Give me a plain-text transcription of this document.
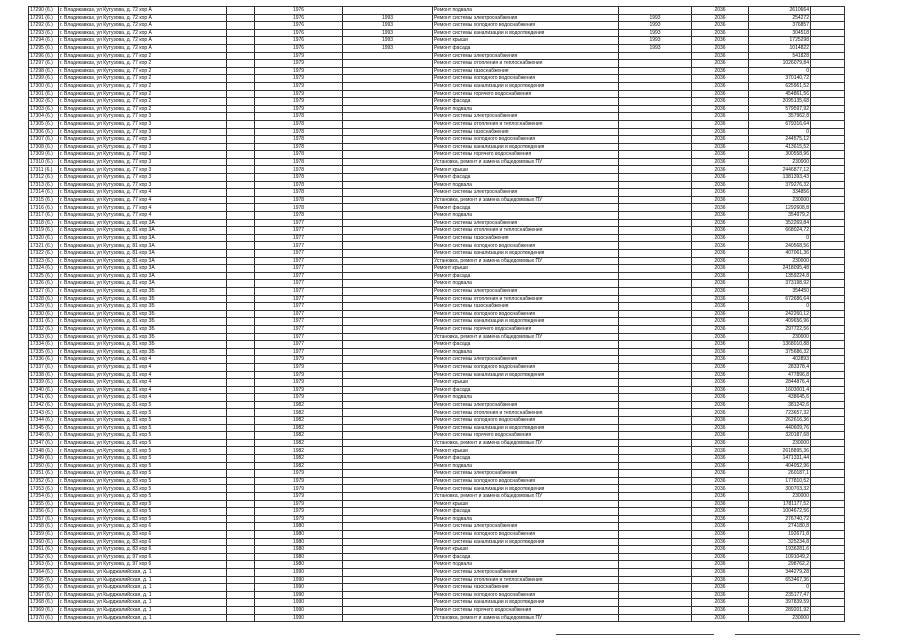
17290 (6.)	г. Владикавказ, ул Кутузова, д. 72 кор А		1976		Ремонт подвала		2036	2610664	
17291 (6.)	г. Владикавказ, ул Кутузова, д. 72 кор А		1976	1993	Ремонт системы электроснабжения	1993	2036	254272	
17292 (6.)	г. Владикавказ, ул Кутузова, д. 72 кор А		1976	1993	Ремонт системы холодного водоснабжения	1993	2036	376857	
17293 (6.)	г. Владикавказ, ул Кутузова, д. 72 кор А		1976	1993	Ремонт системы канализации и водоотведения	1993	2036	304518	
17294 (6.)	г. Владикавказ, ул Кутузова, д. 72 кор А		1976	1993	Ремонт крыши	1993	2036	1725298	
17295 (6.)	г. Владикавказ, ул Кутузова, д. 72 кор А		1976	1993	Ремонт фасада	1993	2036	1014822	
17296 (6.)	г. Владикавказ, ул Кутузова, д. 77 кор 2		1979		Ремонт системы электроснабжения		2036	541828	
17297 (6.)	г. Владикавказ, ул Кутузова, д. 77 кор 2		1979		Ремонт системы отопления и теплоснабжения		2036	1026079,84	
17298 (6.)	г. Владикавказ, ул Кутузова, д. 77 кор 2		1979		Ремонт системы газоснабжения		2036	0	
17299 (6.)	г. Владикавказ, ул Кутузова, д. 77 кор 2		1979		Ремонт системы холодного водоснабжения		2036	370140,72	
17300 (6.)	г. Владикавказ, ул Кутузова, д. 77 кор 2		1979		Ремонт системы канализации и водоотведения		2036	625961,52	
17301 (6.)	г. Владикавказ, ул Кутузова, д. 77 кор 2		1979		Ремонт системы горячего водоснабжения		2036	454861,56	
17302 (6.)	г. Владикавказ, ул Кутузова, д. 77 кор 2		1979		Ремонт фасада		2036	2095135,68	
17303 (6.)	г. Владикавказ, ул Кутузова, д. 77 кор 2		1979		Ремонт подвала		2036	579597,92	
17304 (6.)	г. Владикавказ, ул Кутузова, д. 77 кор 3		1978		Ремонт системы электроснабжения		2036	357962,8	
17305 (6.)	г. Владикавказ, ул Кутузова, д. 77 кор 3		1978		Ремонт системы отопления и теплоснабжения		2036	679316,64	
17306 (6.)	г. Владикавказ, ул Кутузова, д. 77 кор 3		1978		Ремонт системы газоснабжения		2036	0	
17307 (6.)	г. Владикавказ, ул Кутузова, д. 77 кор 3		1978		Ремонт системы холодного водоснабжения		2036	244575,12	
17308 (6.)	г. Владикавказ, ул Кутузова, д. 77 кор 3		1978		Ремонт системы канализации и водоотведения		2036	413615,52	
17309 (6.)	г. Владикавказ, ул Кутузова, д. 77 кор 3		1978		Ремонт системы горячего водоснабжения		2036	300558,96	
17310 (6.)	г. Владикавказ, ул Кутузова, д. 77 кор 3		1978		Установка, ремонт и замена общедомовых ПУ		2036	230000	
17311 (6.)	г. Владикавказ, ул Кутузова, д. 77 кор 3		1978		Ремонт крыши		2036	2446877,12	
17312 (6.)	г. Владикавказ, ул Кутузова, д. 77 кор 3		1978		Ремонт фасада		2036	1381393,43	
17313 (6.)	г. Владикавказ, ул Кутузова, д. 77 кор 3		1978		Ремонт подвала		2036	379276,32	
17314 (6.)	г. Владикавказ, ул Кутузова, д. 77 кор 4		1978		Ремонт системы электроснабжения		2036	334856	
17315 (6.)	г. Владикавказ, ул Кутузова, д. 77 кор 4		1978		Установка, ремонт и замена общедомовых ПУ		2036	230000	
17316 (6.)	г. Владикавказ, ул Кутузова, д. 77 кор 4		1978		Ремонт фасада		2036	1292608,8	
17317 (6.)	г. Владикавказ, ул Кутузова, д. 77 кор 4		1978		Ремонт подвала		2036	354979,2	
17318 (6.)	г. Владикавказ, ул Кутузова, д. 81 кор 3А		1977		Ремонт системы электроснабжения		2036	352269,84	
17319 (6.)	г. Владикавказ, ул Кутузова, д. 81 кор 3А		1977		Ремонт системы отопления и теплоснабжения		2036	668024,72	
17320 (6.)	г. Владикавказ, ул Кутузова, д. 81 кор 3А		1977		Ремонт системы газоснабжения		2036	0	
17321 (6.)	г. Владикавказ, ул Кутузова, д. 81 кор 3А		1977		Ремонт системы холодного водоснабжения		2036	240568,56	
17322 (6.)	г. Владикавказ, ул Кутузова, д. 81 кор 3А		1977		Ремонт системы канализации и водоотведения		2036	407061,36	
17323 (6.)	г. Владикавказ, ул Кутузова, д. 81 кор 3А		1977		Установка, ремонт и замена общедомовых ПУ		2036	230000	
17324 (6.)	г. Владикавказ, ул Кутузова, д. 81 кор 3А		1977		Ремонт крыши		2036	2418095,48	
17325 (6.)	г. Владикавказ, ул Кутузова, д. 81 кор 3А		1977		Ремонт фасада		2036	1359224,8	
17326 (6.)	г. Владикавказ, ул Кутузова, д. 81 кор 3А		1977		Ремонт подвала		2036	373198,92	
17327 (6.)	г. Владикавказ, ул Кутузова, д. 81 кор 3Б		1977		Ремонт системы электроснабжения		2036	354450	
17328 (6.)	г. Владикавказ, ул Кутузова, д. 81 кор 3Б		1977		Ремонт системы отопления и теплоснабжения		2036	672686,64	
17329 (6.)	г. Владикавказ, ул Кутузова, д. 81 кор 3Б		1977		Ремонт системы газоснабжения		2036	0	
17330 (6.)	г. Владикавказ, ул Кутузова, д. 81 кор 3Б		1977		Ремонт системы холодного водоснабжения		2036	242260,12	
17331 (6.)	г. Владикавказ, ул Кутузова, д. 81 кор 3Б		1977		Ремонт системы канализации и водоотведения		2036	409656,96	
17332 (6.)	г. Владикавказ, ул Кутузова, д. 81 кор 3Б		1977		Ремонт системы горячего водоснабжения		2036	297722,56	
17333 (6.)	г. Владикавказ, ул Кутузова, д. 81 кор 3Б		1977		Установка, ремонт и замена общедомовых ПУ		2036	230000	
17334 (6.)	г. Владикавказ, ул Кутузова, д. 81 кор 3Б		1977		Ремонт фасада		2036	1368010,88	
17335 (6.)	г. Владикавказ, ул Кутузова, д. 81 кор 3Б		1977		Ремонт подвала		2036	375686,32	
17336 (6.)	г. Владикавказ, ул Кутузова, д. 81 кор 4		1979		Ремонт системы электроснабжения		2036	402893	
17337 (6.)	г. Владикавказ, ул Кутузова, д. 81 кор 4		1979		Ремонт системы холодного водоснабжения		2036	283378,4	
17338 (6.)	г. Владикавказ, ул Кутузова, д. 81 кор 4		1979		Ремонт системы канализации и водоотведения		2036	477896,8	
17339 (6.)	г. Владикавказ, ул Кутузова, д. 81 кор 4		1979		Ремонт крыши		2036	2844876,4	
17340 (6.)	г. Владикавказ, ул Кутузова, д. 81 кор 4		1979		Ремонт фасада		2036	1603001,4	
17341 (6.)	г. Владикавказ, ул Кутузова, д. 81 кор 4		1979		Ремонт подвала		2036	438645,6	
17342 (6.)	г. Владикавказ, ул Кутузова, д. 81 кор 5		1982		Ремонт системы электроснабжения		2036	381242,6	
17343 (6.)	г. Владикавказ, ул Кутузова, д. 81 кор 5		1982		Ремонт системы отопления и теплоснабжения		2036	723657,32	
17344 (6.)	г. Владикавказ, ул Кутузова, д. 81 кор 5		1982		Ремонт системы холодного водоснабжения		2036	262616,36	
17345 (6.)	г. Владикавказ, ул Кутузова, д. 81 кор 5		1982		Ремонт системы канализации и водоотведения		2036	440609,76	
17346 (6.)	г. Владикавказ, ул Кутузова, д. 81 кор 5		1982		Ремонт системы горячего водоснабжения		2036	320187,68	
17347 (6.)	г. Владикавказ, ул Кутузова, д. 81 кор 5		1982		Установка, ремонт и замена общедомовых ПУ		2036	230000	
17348 (6.)	г. Владикавказ, ул Кутузова, д. 81 кор 5		1982		Ремонт крыши		2036	2618895,36	
17349 (6.)	г. Владикавказ, ул Кутузова, д. 81 кор 5		1982		Ремонт фасада		2036	1471331,44	
17350 (6.)	г. Владикавказ, ул Кутузова, д. 81 кор 5		1982		Ремонт подвала		2036	404052,96	
17351 (6.)	г. Владикавказ, ул Кутузова, д. 83 кор 5		1979		Ремонт системы электроснабжения		2036	260187,1	
17352 (6.)	г. Владикавказ, ул Кутузова, д. 83 кор 5		1979		Ремонт системы холодного водоснабжения		2036	177810,52	
17353 (6.)	г. Владикавказ, ул Кутузова, д. 83 кор 5		1979		Ремонт системы канализации и водоотведения		2036	300703,32	
17354 (6.)	г. Владикавказ, ул Кутузова, д. 83 кор 5		1979		Установка, ремонт и замена общедомовых ПУ		2036	230000	
17355 (6.)	г. Владикавказ, ул Кутузова, д. 83 кор 5		1979		Ремонт крыши		2036	1781177,52	
17356 (6.)	г. Владикавказ, ул Кутузова, д. 83 кор 5		1979		Ремонт фасада		2036	1004672,56	
17357 (6.)	г. Владикавказ, ул Кутузова, д. 83 кор 5		1979		Ремонт подвала		2036	276740,72	
17358 (6.)	г. Владикавказ, ул Кутузова, д. 83 кор 6		1980		Ремонт системы электроснабжения		2036	274180,8	
17359 (6.)	г. Владикавказ, ул Кутузова, д. 83 кор 6		1980		Ремонт системы холодного водоснабжения		2036	192671,8	
17360 (6.)	г. Владикавказ, ул Кутузова, д. 83 кор 6		1980		Ремонт системы канализации и водоотведения		2036	325234,8	
17361 (6.)	г. Владикавказ, ул Кутузова, д. 83 кор 6		1980		Ремонт крыши		2036	1936281,6	
17362 (6.)	г. Владикавказ, ул Кутузова, д. 97 кор 6		1980		Ремонт фасада		2036	1091049,2	
17363 (6.)	г. Владикавказ, ул Кутузова, д. 97 кор 6		1980		Ремонт подвала		2036	298762,2	
17364 (6.)	г. Владикавказ, ул Кырджалийская, д. 1		1990		Ремонт системы электроснабжения		2036	344279,28	
17365 (6.)	г. Владикавказ, ул Кырджалийская, д. 1		1990		Ремонт системы отопления и теплоснабжения		2036	653467,36	
17366 (6.)	г. Владикавказ, ул Кырджалийская, д. 1		1990		Ремонт системы газоснабжения		2036	0	
17367 (6.)	г. Владикавказ, ул Кырджалийская, д. 1		1990		Ремонт системы холодного водоснабжения		2036	235177,47	
17368 (6.)	г. Владикавказ, ул Кырджалийская, д. 1		1990		Ремонт системы канализации и водоотведения		2036	397839,59	
17369 (6.)	г. Владикавказ, ул Кырджалийская, д. 1		1990		Ремонт системы горячего водоснабжения		2036	289201,92	
17370 (6.)	г. Владикавказ, ул Кырджалийская, д. 1		1990		Установка, ремонт и замена общедомовых ПУ		2036	230000	
